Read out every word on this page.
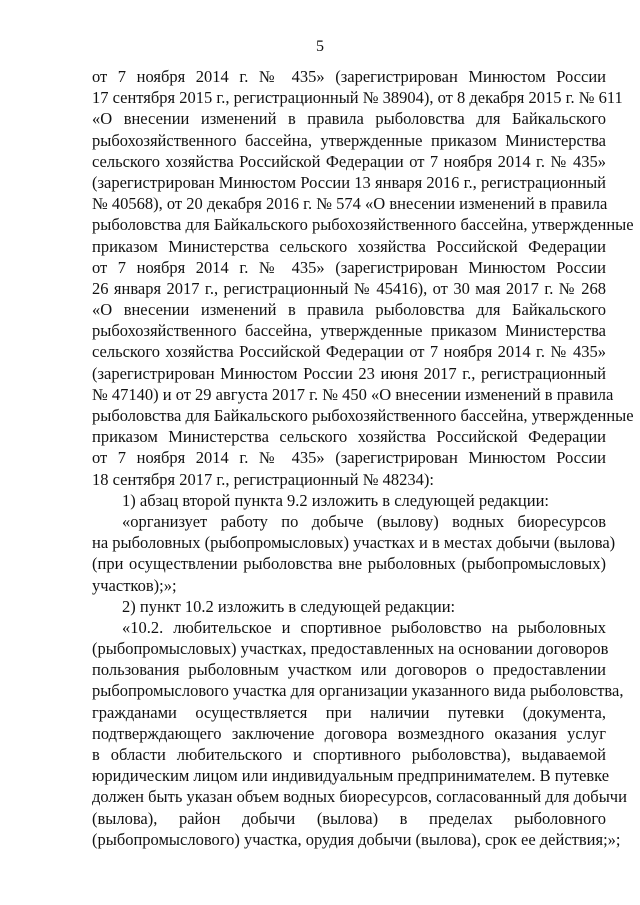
5
от 7 ноября 2014 г. № 435» (зарегистрирован Минюстом России
17 сентября 2015 г., регистрационный № 38904), от 8 декабря 2015 г. № 611
«О внесении изменений в правила рыболовства для Байкальского
рыбохозяйственного бассейна, утвержденные приказом Министерства
сельского хозяйства Российской Федерации от 7 ноября 2014 г. № 435»
(зарегистрирован Минюстом России 13 января 2016 г., регистрационный
№ 40568), от 20 декабря 2016 г. № 574 «О внесении изменений в правила
рыболовства для Байкальского рыбохозяйственного бассейна, утвержденные
приказом Министерства сельского хозяйства Российской Федерации
от 7 ноября 2014 г. № 435» (зарегистрирован Минюстом России
26 января 2017 г., регистрационный № 45416), от 30 мая 2017 г. № 268
«О внесении изменений в правила рыболовства для Байкальского
рыбохозяйственного бассейна, утвержденные приказом Министерства
сельского хозяйства Российской Федерации от 7 ноября 2014 г. № 435»
(зарегистрирован Минюстом России 23 июня 2017 г., регистрационный
№ 47140) и от 29 августа 2017 г. № 450 «О внесении изменений в правила
рыболовства для Байкальского рыбохозяйственного бассейна, утвержденные
приказом Министерства сельского хозяйства Российской Федерации
от 7 ноября 2014 г. № 435» (зарегистрирован Минюстом России
18 сентября 2017 г., регистрационный № 48234):
1) абзац второй пункта 9.2 изложить в следующей редакции:
«организует работу по добыче (вылову) водных биоресурсов
на рыболовных (рыбопромысловых) участках и в местах добычи (вылова)
(при осуществлении рыболовства вне рыболовных (рыбопромысловых)
участков);»;
2) пункт 10.2 изложить в следующей редакции:
«10.2. любительское и спортивное рыболовство на рыболовных
(рыбопромысловых) участках, предоставленных на основании договоров
пользования рыболовным участком или договоров о предоставлении
рыбопромыслового участка для организации указанного вида рыболовства,
гражданами осуществляется при наличии путевки (документа,
подтверждающего заключение договора возмездного оказания услуг
в области любительского и спортивного рыболовства), выдаваемой
юридическим лицом или индивидуальным предпринимателем. В путевке
должен быть указан объем водных биоресурсов, согласованный для добычи
(вылова), район добычи (вылова) в пределах рыболовного
(рыбопромыслового) участка, орудия добычи (вылова), срок ее действия;»;
